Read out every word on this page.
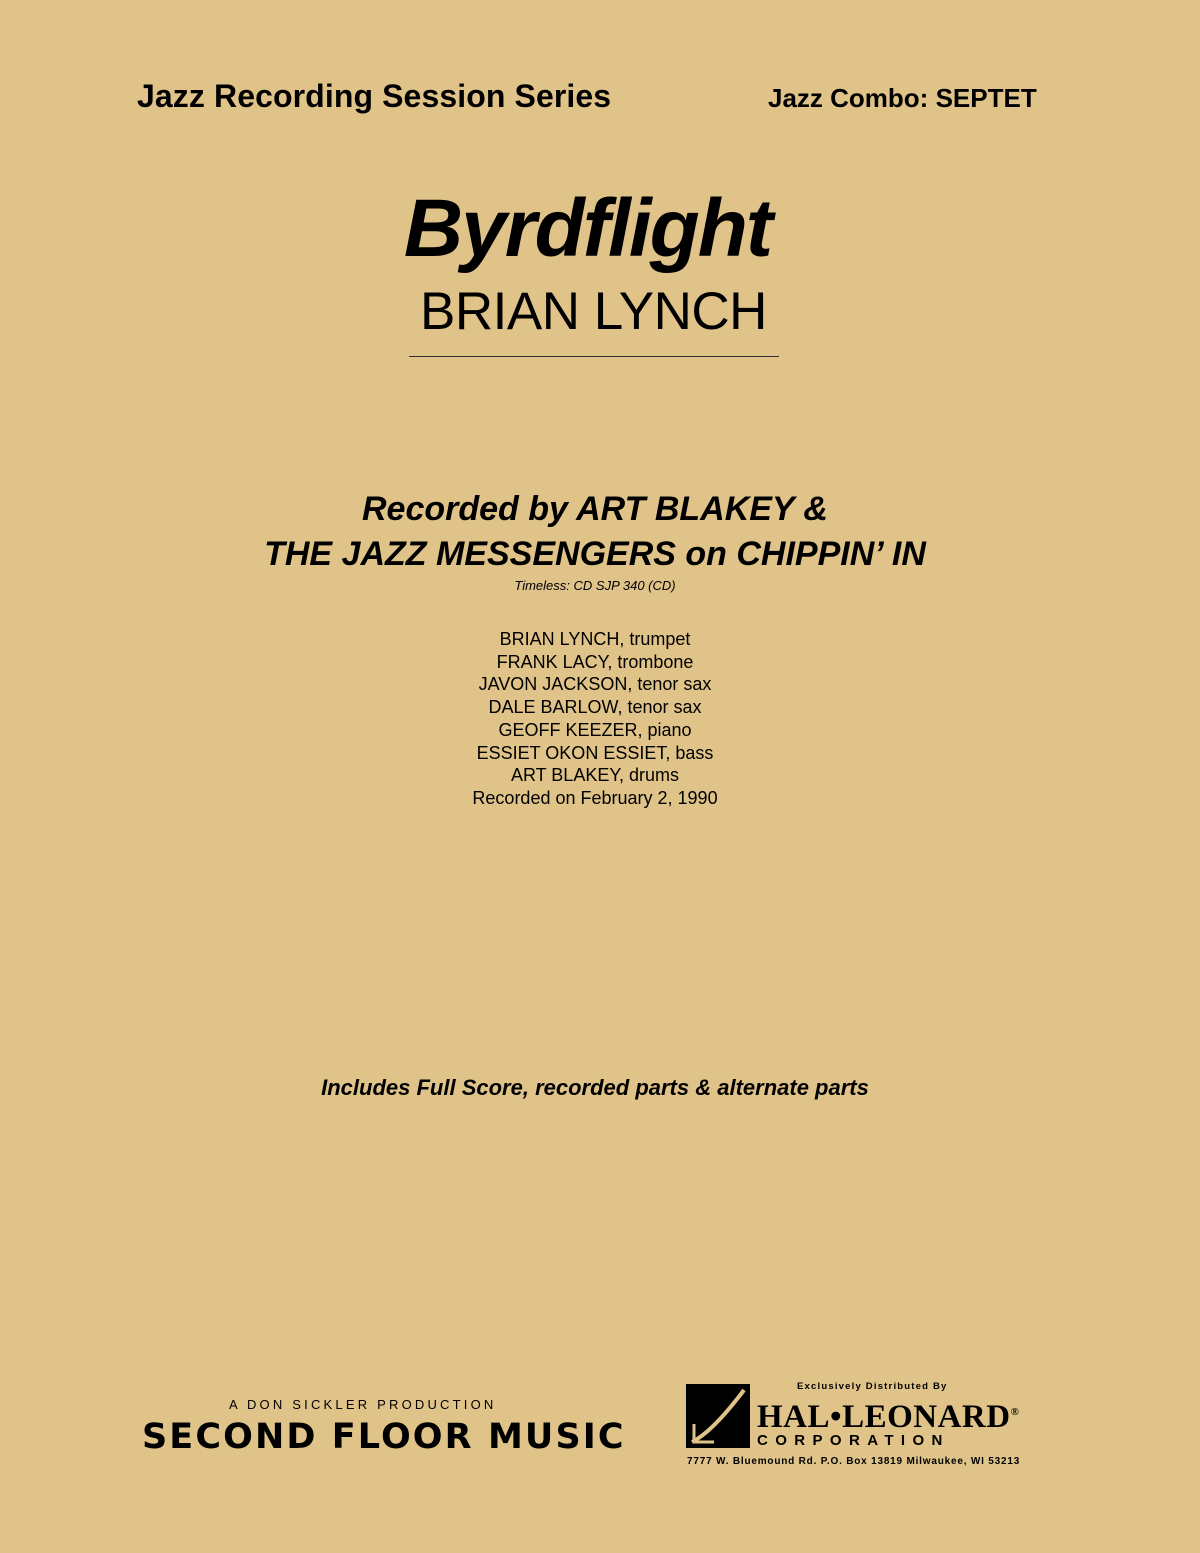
Jazz Recording Session Series	Jazz Combo: SEPTET
Byrdflight
BRIAN LYNCH
Recorded by ART BLAKEY &
THE JAZZ MESSENGERS on CHIPPIN’ IN
Timeless: CD SJP 340 (CD)
BRIAN LYNCH, trumpet
FRANK LACY, trombone
JAVON JACKSON, tenor sax
DALE BARLOW, tenor sax
GEOFF KEEZER, piano
ESSIET OKON ESSIET, bass
ART BLAKEY, drums
Recorded on February 2, 1990
Includes Full Score, recorded parts & alternate parts
A DON SICKLER PRODUCTION
SECOND FLOOR MUSIC
Exclusively Distributed By
HAL•LEONARD®
CORPORATION
7777 W. Bluemound Rd. P.O. Box 13819 Milwaukee, WI 53213
